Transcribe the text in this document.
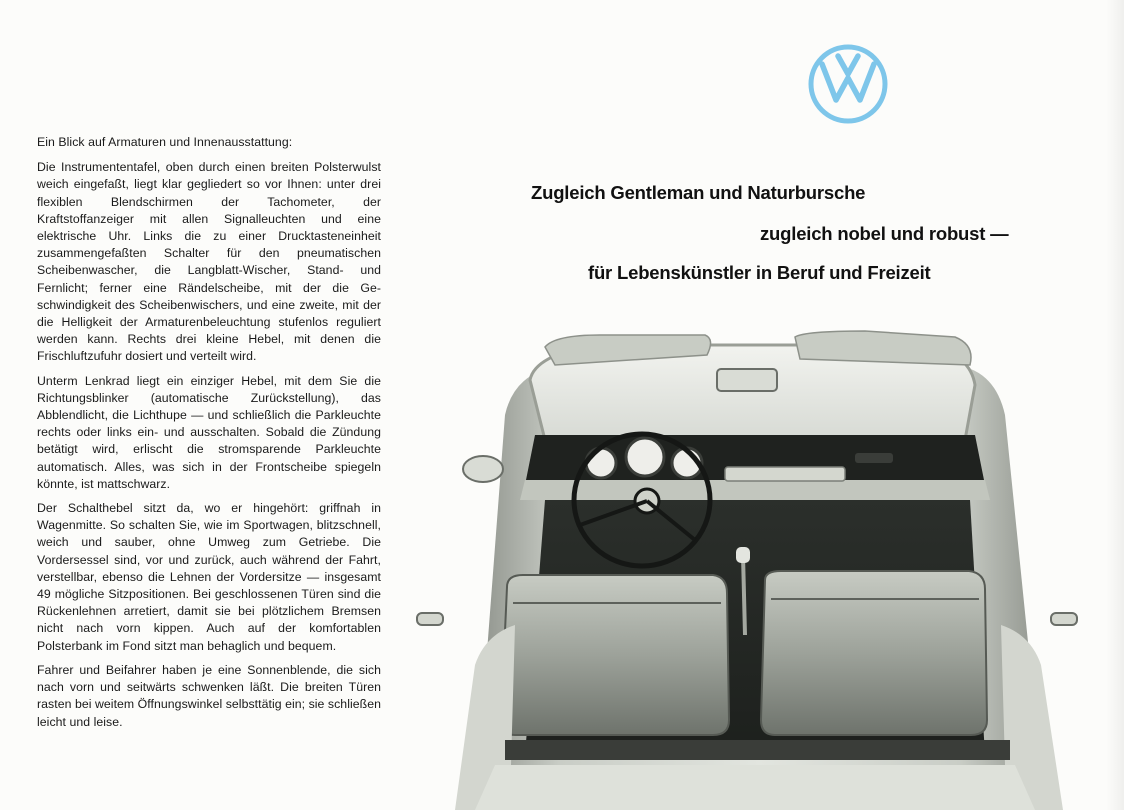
Zugleich Gentleman und Naturbursche
zugleich nobel und robust —
für Lebenskünstler in Beruf und Freizeit
Ein Blick auf Armaturen und Innenausstattung:

Die Instrumententafel, oben durch einen breiten Polsterwulst weich eingefaßt, liegt klar gegliedert so vor Ihnen: unter drei flexiblen Blendschirmen der Tachometer, der Kraftstoffanzeiger mit allen Signalleuchten und eine elektrische Uhr. Links die zu einer Drucktasteneinheit zusammengefaßten Schalter für den pneumatischen Scheibenwascher, die Langblatt-Wischer, Stand- und Fernlicht; ferner eine Rändelscheibe, mit der die Geschwindigkeit des Scheibenwischers, und eine zweite, mit der die Helligkeit der Armaturenbeleuchtung stufenlos reguliert werden kann. Rechts drei kleine Hebel, mit denen die Frischluftzufuhr dosiert und verteilt wird.

Unterm Lenkrad liegt ein einziger Hebel, mit dem Sie die Richtungsblinker (automatische Zurückstellung), das Abblendlicht, die Lichthupe — und schließlich die Parkleuchte rechts oder links ein- und ausschalten. Sobald die Zündung betätigt wird, erlischt die stromsparende Parkleuchte automatisch. Alles, was sich in der Frontscheibe spiegeln könnte, ist mattschwarz.

Der Schalthebel sitzt da, wo er hingehört: griffnah in Wagenmitte. So schalten Sie, wie im Sportwagen, blitzschnell, weich und sauber, ohne Umweg zum Getriebe. Die Vordersessel sind, vor und zurück, auch während der Fahrt, verstellbar, ebenso die Lehnen der Vordersitze — insgesamt 49 mögliche Sitzpositionen. Bei geschlossenen Türen sind die Rückenlehnen arretiert, damit sie bei plötzlichem Bremsen nicht nach vorn kippen. Auch auf der komfortablen Polsterbank im Fond sitzt man behaglich und bequem.

Fahrer und Beifahrer haben je eine Sonnenblende, die sich nach vorn und seitwärts schwenken läßt. Die breiten Türen rasten bei weitem Öffnungswinkel selbsttätig ein; sie schließen leicht und leise.
